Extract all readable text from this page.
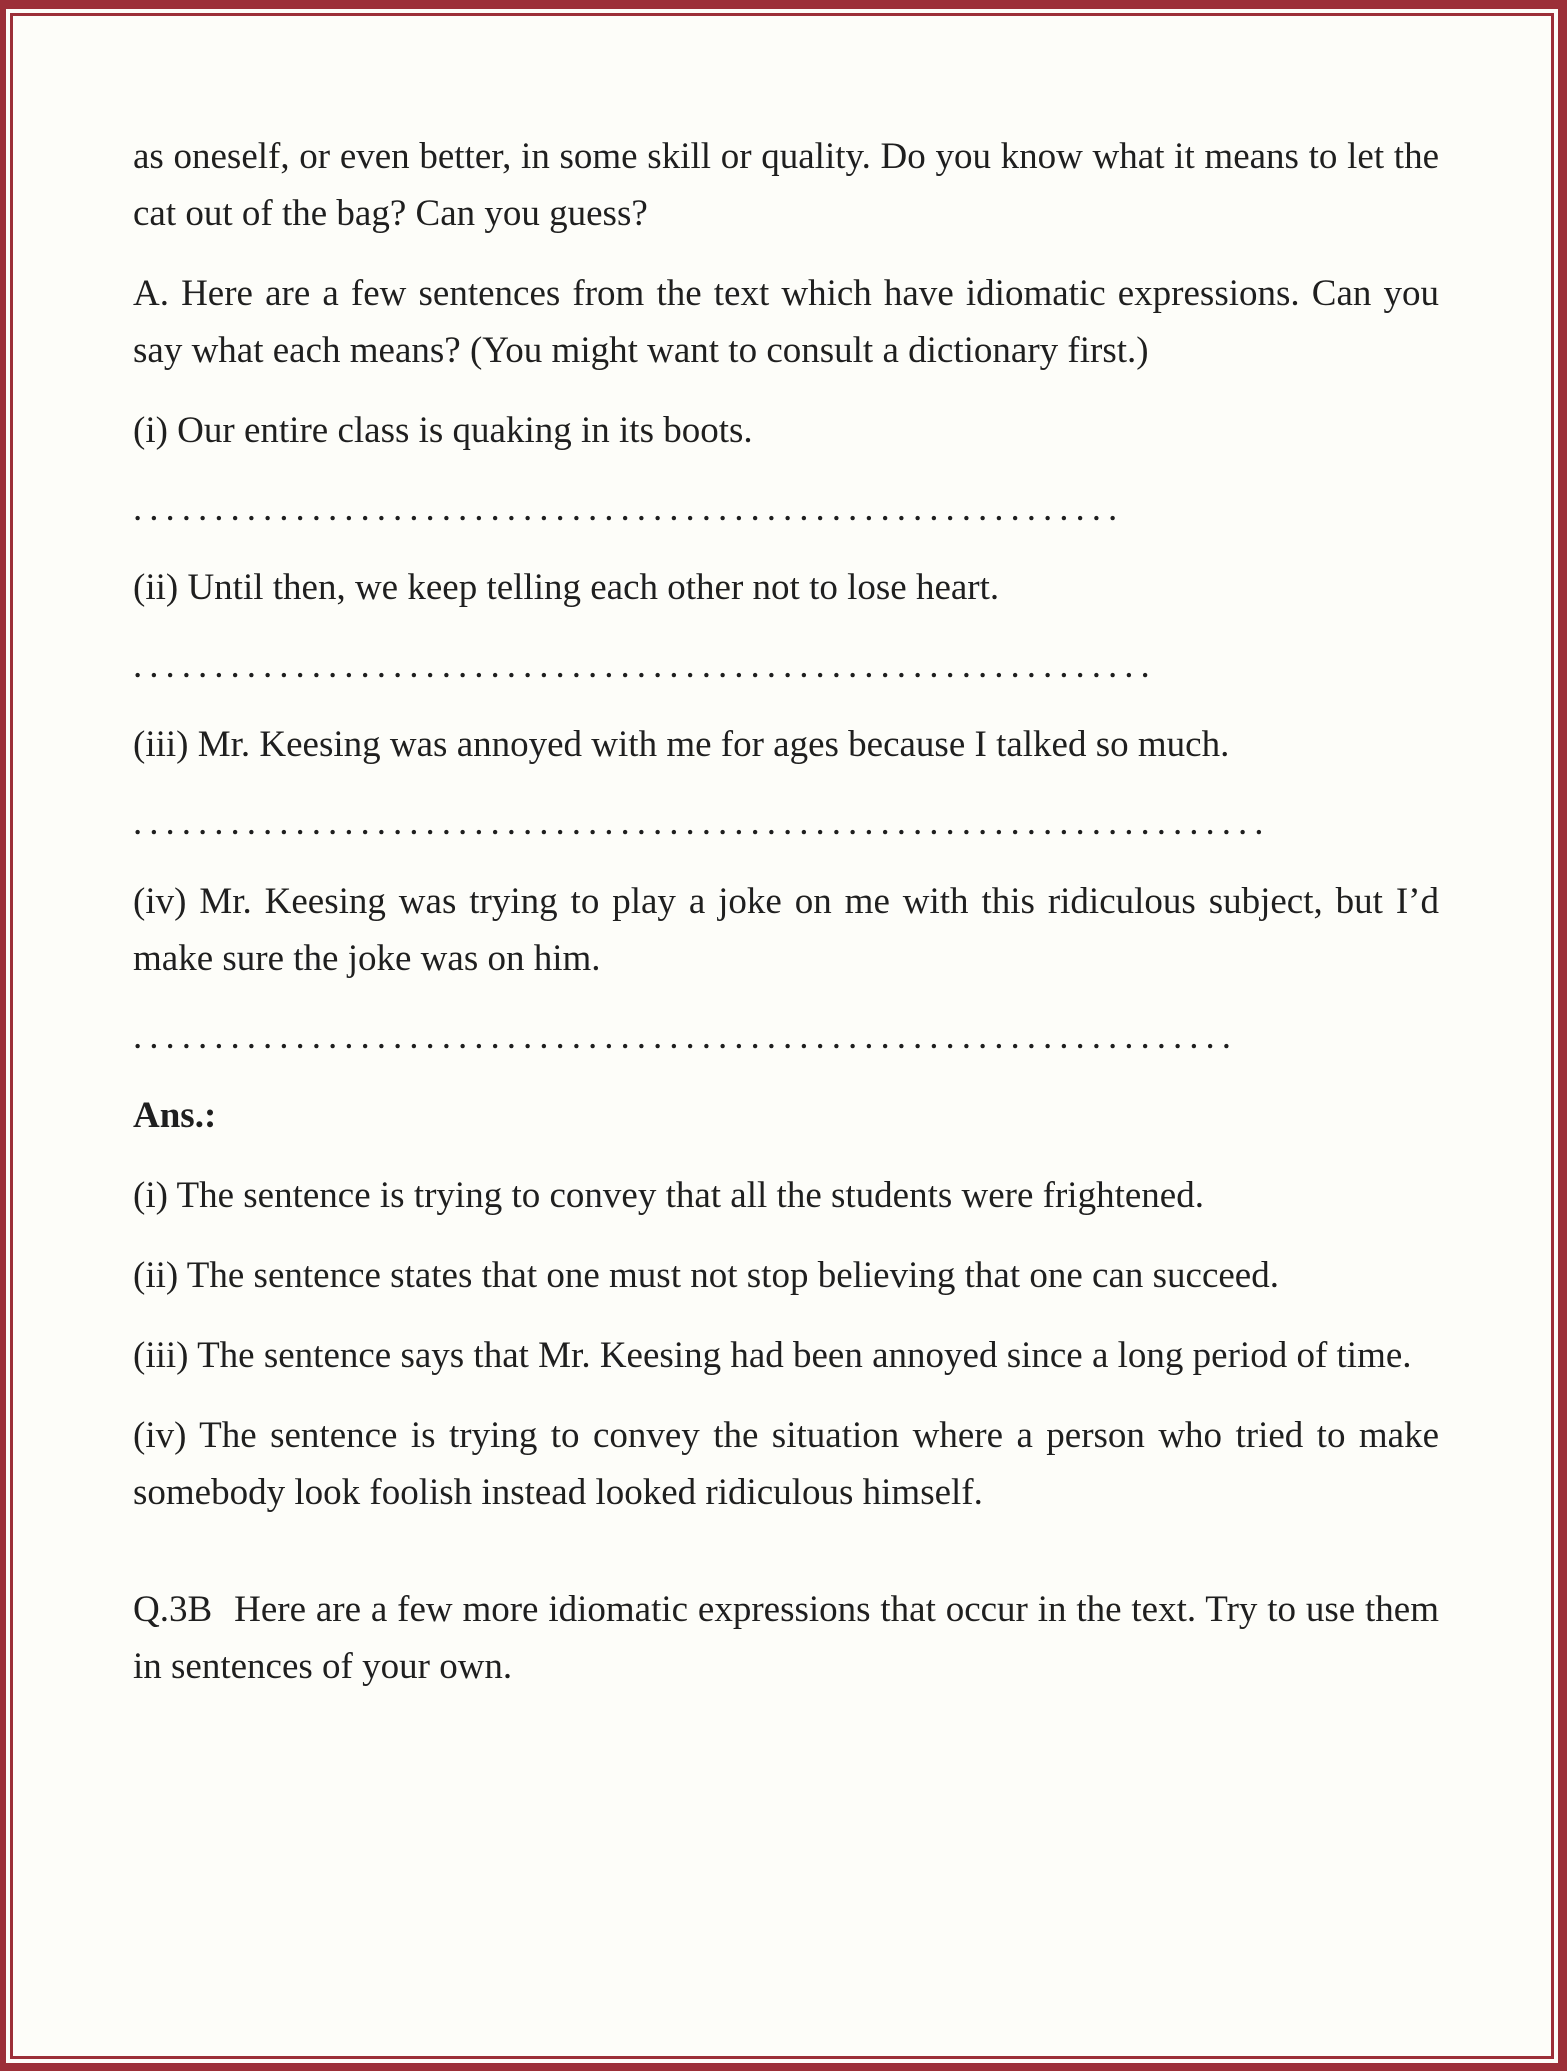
as oneself, or even better, in some skill or quality. Do you know what it means to let the cat out of the bag? Can you guess?

A. Here are a few sentences from the text which have idiomatic expressions. Can you say what each means? (You might want to consult a dictionary first.)

(i) Our entire class is quaking in its boots.

.............................................................

(ii) Until then, we keep telling each other not to lose heart.

...............................................................

(iii) Mr. Keesing was annoyed with me for ages because I talked so much.

......................................................................

(iv) Mr. Keesing was trying to play a joke on me with this ridiculous subject, but I’d make sure the joke was on him.

....................................................................

Ans.:

(i) The sentence is trying to convey that all the students were frightened.

(ii) The sentence states that one must not stop believing that one can succeed.

(iii) The sentence says that Mr. Keesing had been annoyed since a long period of time.

(iv) The sentence is trying to convey the situation where a person who tried to make somebody look foolish instead looked ridiculous himself.

Q.3B Here are a few more idiomatic expressions that occur in the text. Try to use them in sentences of your own.
